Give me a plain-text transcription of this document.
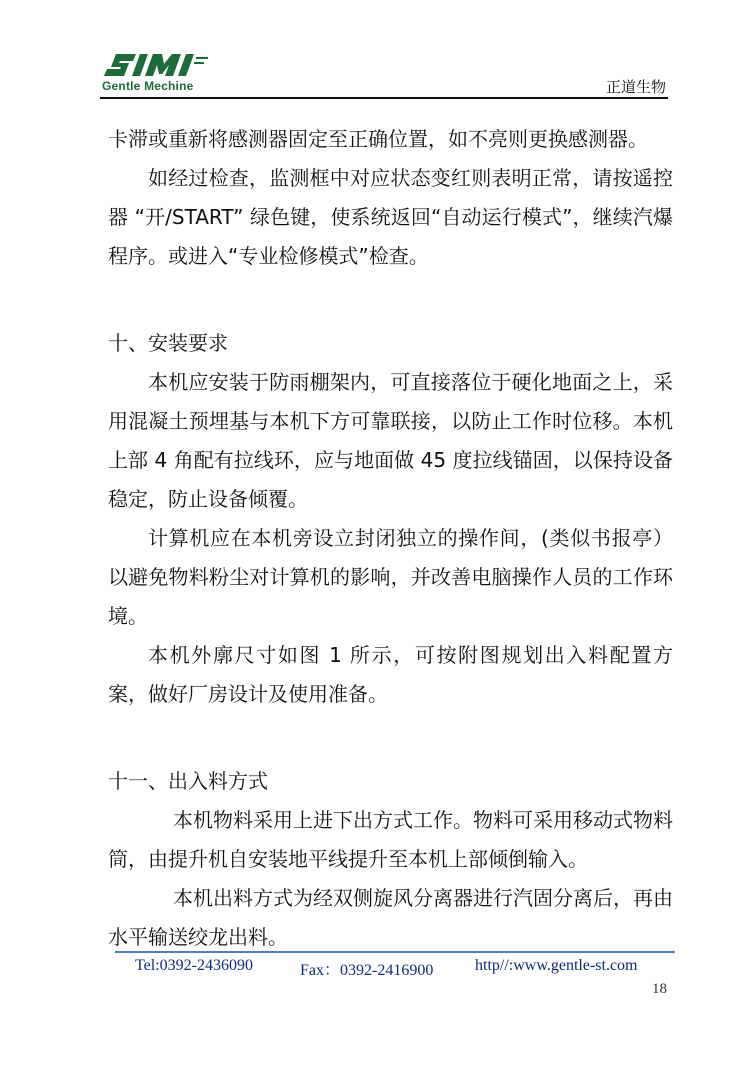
Gentle Mechine	正道生物

卡滞或重新将感测器固定至正确位置，如不亮则更换感测器。

如经过检查，监测框中对应状态变红则表明正常，请按遥控器 “开/START” 绿色键，使系统返回“自动运行模式”，继续汽爆程序。或进入“专业检修模式”检查。

十、安装要求

本机应安装于防雨棚架内，可直接落位于硬化地面之上，采用混凝土预埋基与本机下方可靠联接，以防止工作时位移。本机上部 4 角配有拉线环，应与地面做 45 度拉线锚固，以保持设备稳定，防止设备倾覆。

计算机应在本机旁设立封闭独立的操作间，(类似书报亭）以避免物料粉尘对计算机的影响，并改善电脑操作人员的工作环境。

本机外廓尺寸如图 1 所示，可按附图规划出入料配置方案，做好厂房设计及使用准备。

十一、出入料方式

本机物料采用上进下出方式工作。物料可采用移动式物料筒，由提升机自安装地平线提升至本机上部倾倒输入。

本机出料方式为经双侧旋风分离器进行汽固分离后，再由水平输送绞龙出料。

Tel:0392-2436090	Fax：0392-2416900	http//:www.gentle-st.com
18
